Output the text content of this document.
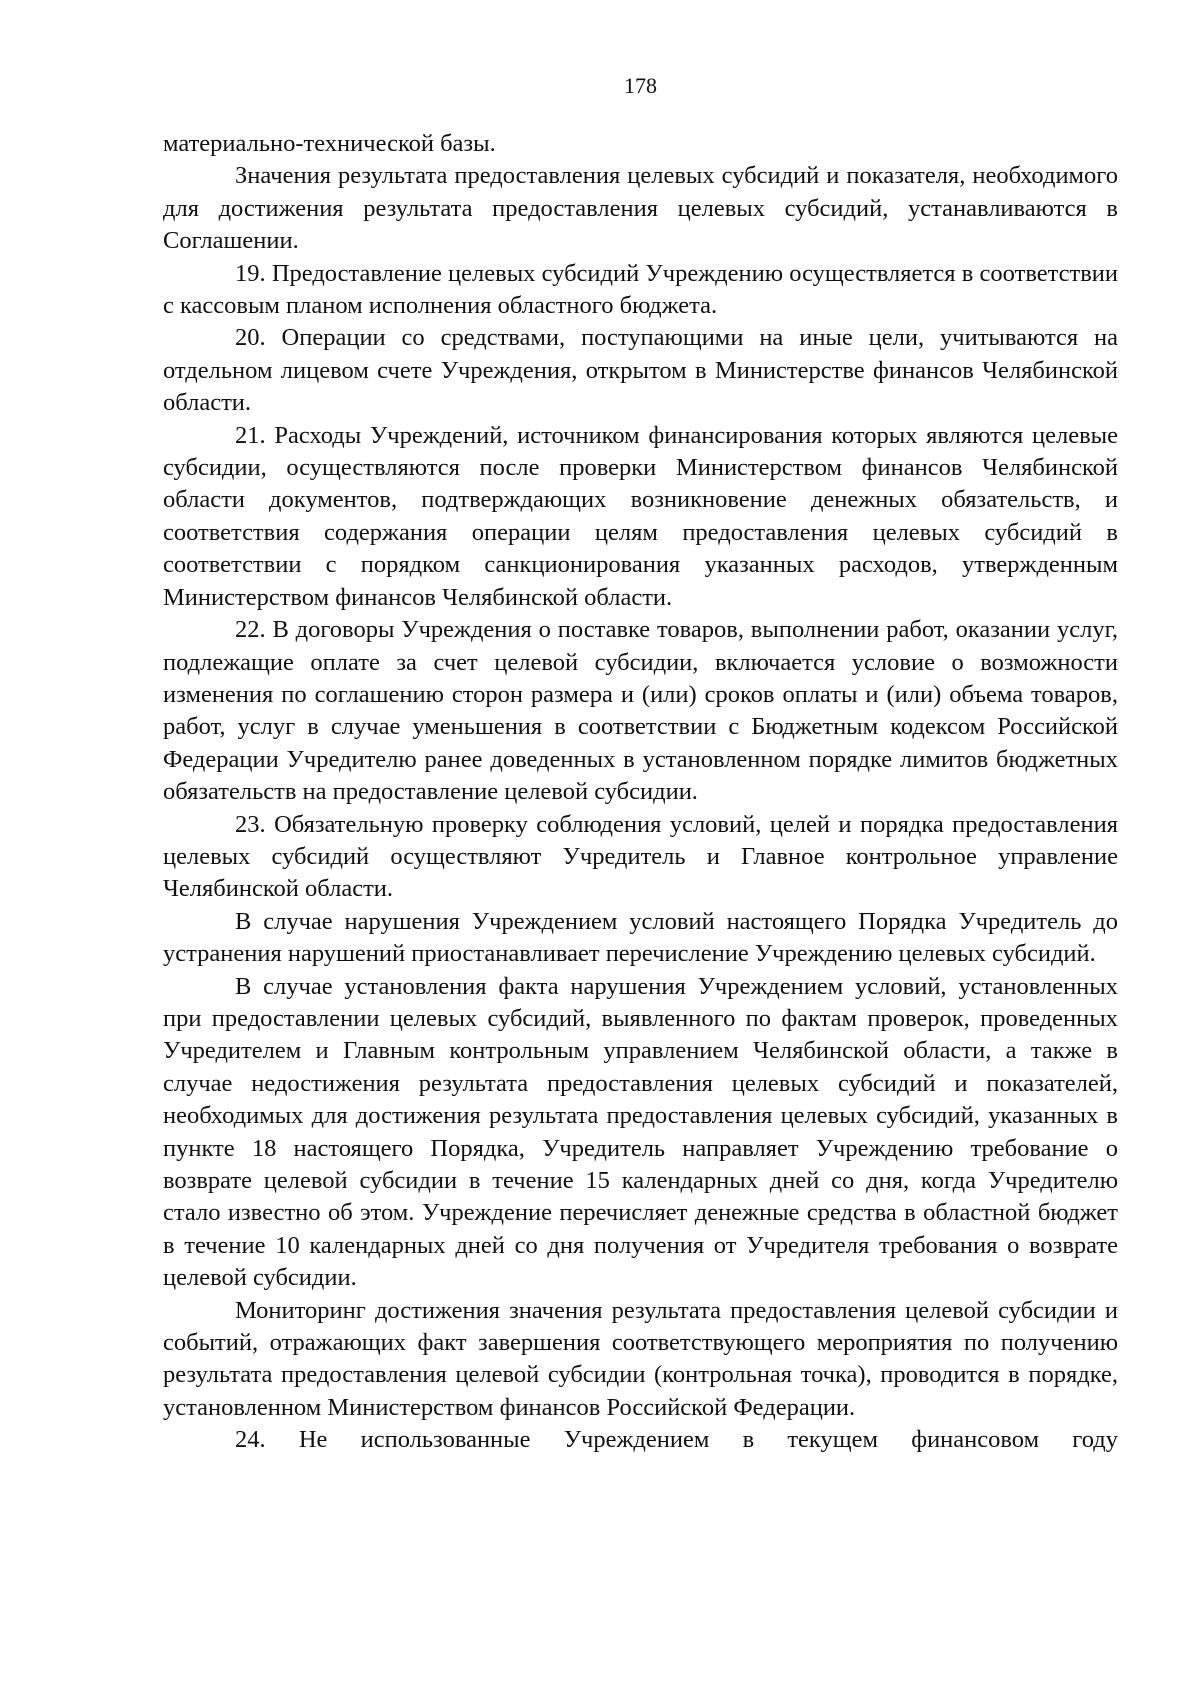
178

материально-технической базы.

Значения результата предоставления целевых субсидий и показателя, необходимого для достижения результата предоставления целевых субсидий, устанавливаются в Соглашении.

19. Предоставление целевых субсидий Учреждению осуществляется в соответствии с кассовым планом исполнения областного бюджета.

20. Операции со средствами, поступающими на иные цели, учитываются на отдельном лицевом счете Учреждения, открытом в Министерстве финансов Челябинской области.

21. Расходы Учреждений, источником финансирования которых являются целевые субсидии, осуществляются после проверки Министерством финансов Челябинской области документов, подтверждающих возникновение денежных обязательств, и соответствия содержания операции целям предоставления целевых субсидий в соответствии с порядком санкционирования указанных расходов, утвержденным Министерством финансов Челябинской области.

22. В договоры Учреждения о поставке товаров, выполнении работ, оказании услуг, подлежащие оплате за счет целевой субсидии, включается условие о возможности изменения по соглашению сторон размера и (или) сроков оплаты и (или) объема товаров, работ, услуг в случае уменьшения в соответствии с Бюджетным кодексом Российской Федерации Учредителю ранее доведенных в установленном порядке лимитов бюджетных обязательств на предоставление целевой субсидии.

23. Обязательную проверку соблюдения условий, целей и порядка предоставления целевых субсидий осуществляют Учредитель и Главное контрольное управление Челябинской области.

В случае нарушения Учреждением условий настоящего Порядка Учредитель до устранения нарушений приостанавливает перечисление Учреждению целевых субсидий.

В случае установления факта нарушения Учреждением условий, установленных при предоставлении целевых субсидий, выявленного по фактам проверок, проведенных Учредителем и Главным контрольным управлением Челябинской области, а также в случае недостижения результата предоставления целевых субсидий и показателей, необходимых для достижения результата предоставления целевых субсидий, указанных в пункте 18 настоящего Порядка, Учредитель направляет Учреждению требование о возврате целевой субсидии в течение 15 календарных дней со дня, когда Учредителю стало известно об этом. Учреждение перечисляет денежные средства в областной бюджет в течение 10 календарных дней со дня получения от Учредителя требования о возврате целевой субсидии.

Мониторинг достижения значения результата предоставления целевой субсидии и событий, отражающих факт завершения соответствующего мероприятия по получению результата предоставления целевой субсидии (контрольная точка), проводится в порядке, установленном Министерством финансов Российской Федерации.

24. Не использованные Учреждением в текущем финансовом году
